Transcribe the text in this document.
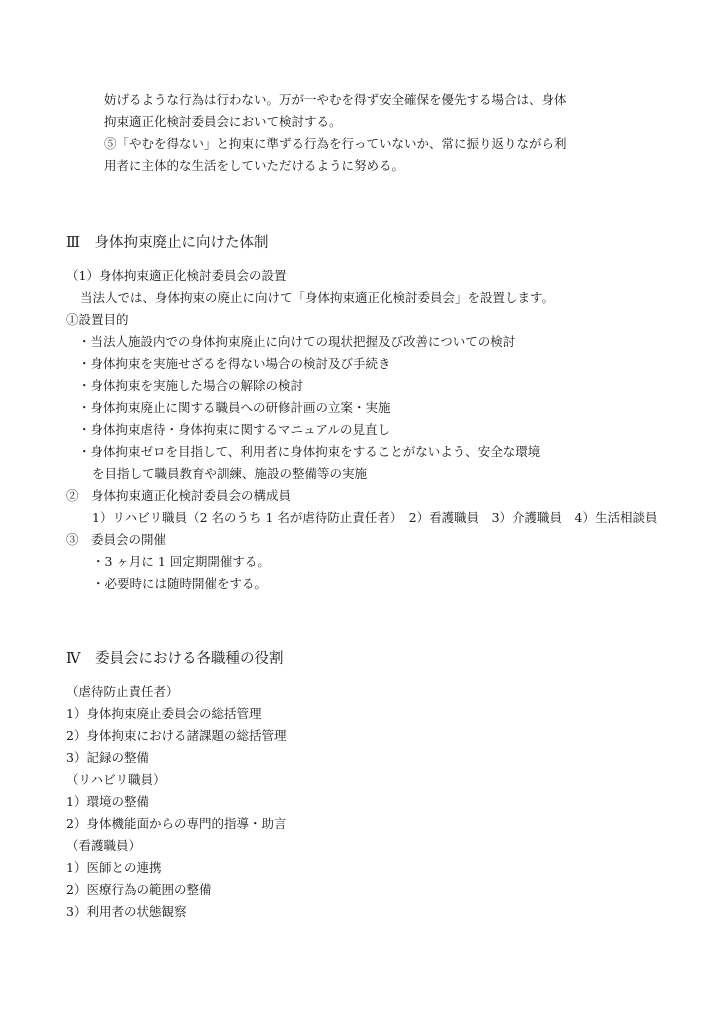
妨げるような行為は行わない。万が一やむを得ず安全確保を優先する場合は、身体
拘束適正化検討委員会において検討する。
⑤「やむを得ない」と拘束に準ずる行為を行っていないか、常に振り返りながら利
用者に主体的な生活をしていただけるように努める。
Ⅲ　身体拘束廃止に向けた体制
（1）身体拘束適正化検討委員会の設置
当法人では、身体拘束の廃止に向けて「身体拘束適正化検討委員会」を設置します。
①設置目的
・当法人施設内での身体拘束廃止に向けての現状把握及び改善についての検討
・身体拘束を実施せざるを得ない場合の検討及び手続き
・身体拘束を実施した場合の解除の検討
・身体拘束廃止に関する職員への研修計画の立案・実施
・身体拘束虐待・身体拘束に関するマニュアルの見直し
・身体拘束ゼロを目指して、利用者に身体拘束をすることがないよう、安全な環境
を目指して職員教育や訓練、施設の整備等の実施
②　身体拘束適正化検討委員会の構成員
1）リハビリ職員（2 名のうち 1 名が虐待防止責任者）　2）看護職員　3）介護職員　4）生活相談員
③　委員会の開催
・3 ヶ月に 1 回定期開催する。
・必要時には随時開催をする。
Ⅳ　委員会における各職種の役割
（虐待防止責任者）
1）身体拘束廃止委員会の総括管理
2）身体拘束における諸課題の総括管理
3）記録の整備
（リハビリ職員）
1）環境の整備
2）身体機能面からの専門的指導・助言
（看護職員）
1）医師との連携
2）医療行為の範囲の整備
3）利用者の状態観察
